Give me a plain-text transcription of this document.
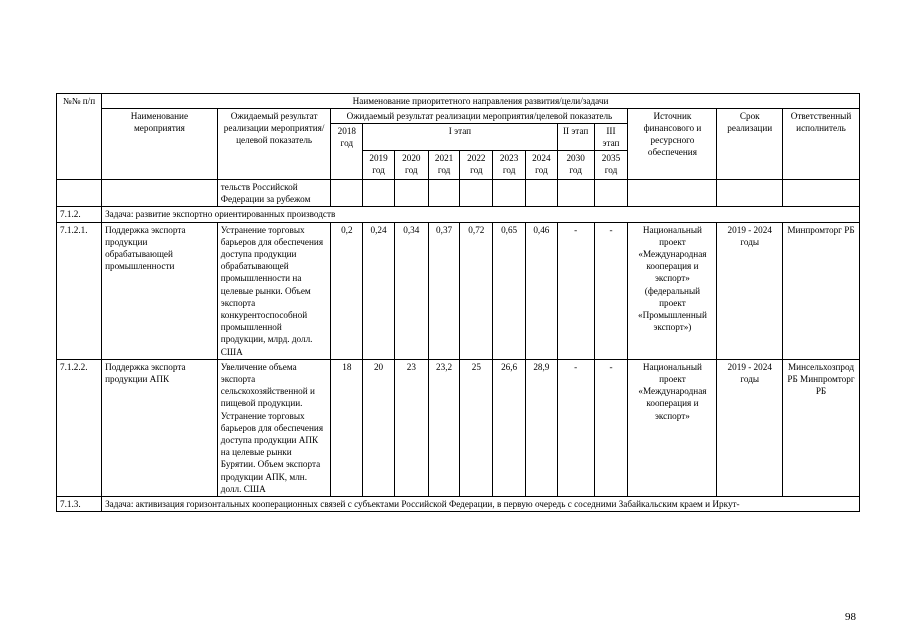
№№ п/п	Наименование приоритетного направления развития/цели/задачи													
	Наименование мероприятия	Ожидаемый результат реализации мероприятия/целевой показатель	Ожидаемый результат реализации мероприятия/целевой показатель									Источник финансового и ресурсного обеспечения	Срок реализации	Ответственный исполнитель
			2018 год	I этап						II этап	III этап			
				2019 год	2020 год	2021 год	2022 год	2023 год	2024 год	2030 год	2035 год			
		тельств Российской Федерации за рубежом												
7.1.2.	Задача: развитие экспортно ориентированных производств													
7.1.2.1.	Поддержка экспорта продукции обрабатывающей промышленности	Устранение торговых барьеров для обеспечения доступа продукции обрабатывающей промышленности на целевые рынки. Объем экспорта конкурентоспособной промышленной продукции, млрд. долл. США	0,2	0,24	0,34	0,37	0,72	0,65	0,46	-	-	Национальный проект «Международная кооперация и экспорт» (федеральный проект «Промышленный экспорт»)	2019 - 2024 годы	Минпромторг РБ
7.1.2.2.	Поддержка экспорта продукции АПК	Увеличение объема экспорта сельскохозяйственной и пищевой продукции. Устранение торговых барьеров для обеспечения доступа продукции АПК на целевые рынки Бурятии. Объем экспорта продукции АПК, млн. долл. США	18	20	23	23,2	25	26,6	28,9	-	-	Национальный проект «Международная кооперация и экспорт»	2019 - 2024 годы	Минсельхозпрод РБ Минпромторг РБ
7.1.3.	Задача: активизация горизонтальных кооперационных связей с субъектами Российской Федерации, в первую очередь с соседними Забайкальским краем и Иркут-													
98
